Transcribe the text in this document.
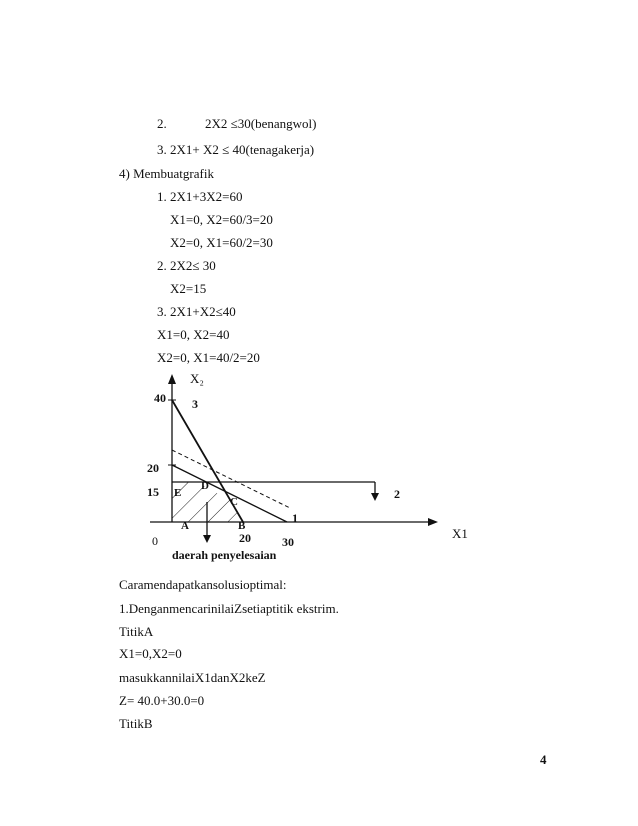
2.	2X2 ≤30(benangwol)
3. 2X1+ X2 ≤ 40(tenagakerja)
4) Membuatgrafik
1. 2X1+3X2=60
X1=0, X2=60/3=20
X2=0, X1=60/2=30
2. 2X2≤ 30
X2=15
3. 2X1+X2≤40
X1=0, X2=40
X2=0, X1=40/2=20
X₂
X1
40
20
15
0	20	30
A	B
C
D
E
1
2
3
daerah penyelesaian
Caramendapatkansolusioptimal:
1.DenganmencarinilaiZsetiaptitik ekstrim.
TitikA
X1=0,X2=0
masukkannilaiX1danX2keZ
Z= 40.0+30.0=0
TitikB
4
